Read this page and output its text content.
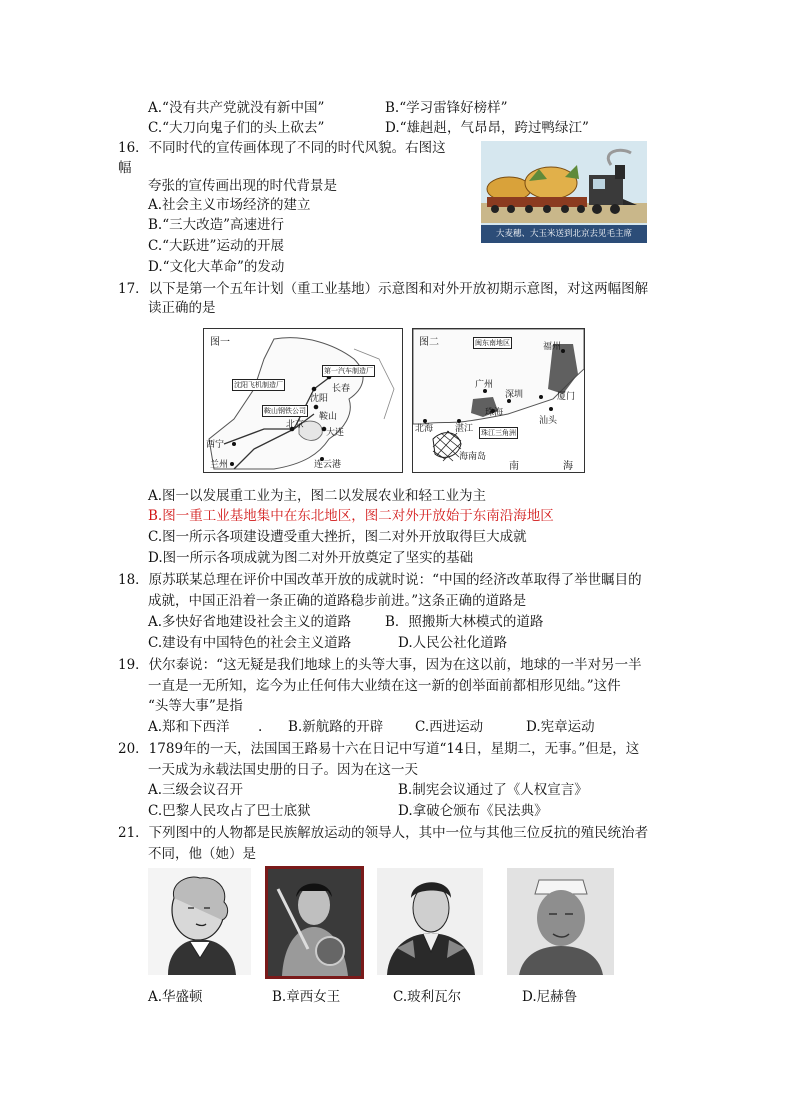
A.“没有共产党就没有新中国”	B.“学习雷锋好榜样”
C.“大刀向鬼子们的头上砍去”	D.“雄赳赳，气昂昂，跨过鸭绿江”
16．不同时代的宣传画体现了不同的时代风貌。右图这
幅
夸张的宣传画出现的时代背景是
A.社会主义市场经济的建立
B.“三大改造”高速进行
C.“大跃进”运动的开展
D.“文化大革命”的发动
大麦穗、大玉米送到北京去见毛主席
17．以下是第一个五年计划（重工业基地）示意图和对外开放初期示意图，对这两幅图解
读正确的是
图一
沈阳飞机制造厂
第一汽车制造厂
鞍山钢铁公司
沈阳
长春
北京
鞍山
大连
西宁
兰州	连云港
图二	闽东南地区
珠江三角洲
福州
广州
深圳	厦门
珠海
汕头
北海 湛江
海南岛
南	海
A.图一以发展重工业为主，图二以发展农业和轻工业为主
B.图一重工业基地集中在东北地区，图二对外开放始于东南沿海地区
C.图一所示各项建设遭受重大挫折，图二对外开放取得巨大成就
D.图一所示各项成就为图二对外开放奠定了坚实的基础
18．原苏联某总理在评价中国改革开放的成就时说：“中国的经济改革取得了举世瞩目的
成就，中国正沿着一条正确的道路稳步前进。”这条正确的道路是
A.多快好省地建设社会主义的道路	B．照搬斯大林模式的道路
C.建设有中国特色的社会主义道路	D.人民公社化道路
19．伏尔泰说：“这无疑是我们地球上的头等大事，因为在这以前，地球的一半对另一半
一直是一无所知，迄今为止任何伟大业绩在这一新的创举面前都相形见绌。”这件
“头等大事”是指
A.郑和下西洋 . B.新航路的开辟 C.西进运动	D.宪章运动
20．1789年的一天，法国国王路易十六在日记中写道“14日，星期二，无事。”但是，这
一天成为永载法国史册的日子。因为在这一天
A.三级会议召开	B.制宪会议通过了《人权宣言》
C.巴黎人民攻占了巴士底狱	D.拿破仑颁布《民法典》
21．下列图中的人物都是民族解放运动的领导人，其中一位与其他三位反抗的殖民统治者
不同，他（她）是
A.华盛顿	B.章西女王	C.玻利瓦尔	D.尼赫鲁
